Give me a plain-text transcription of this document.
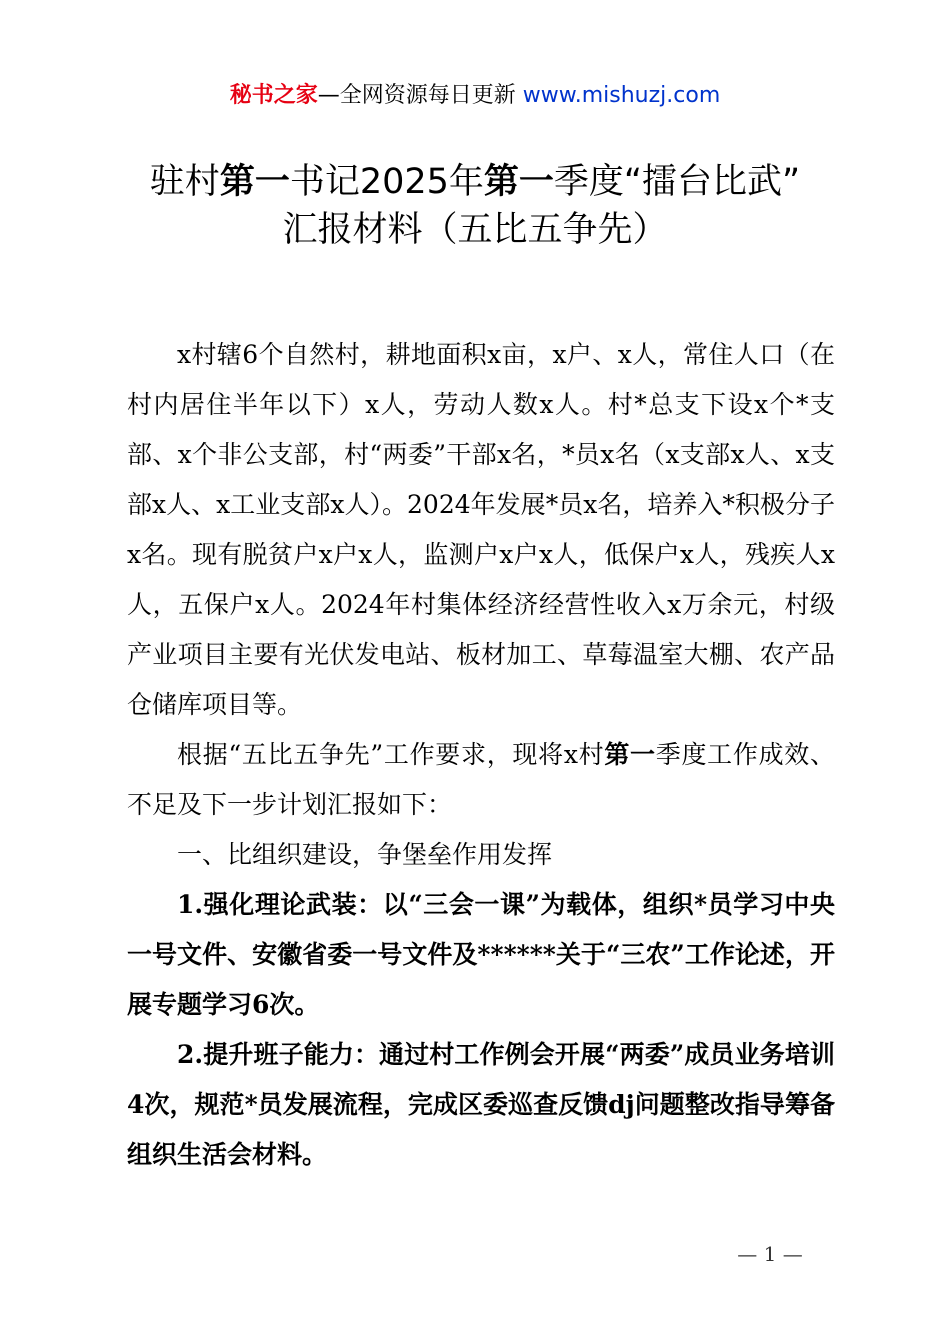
秘书之家—全网资源每日更新 www.mishuzj.com
驻村第一书记2025年第一季度“擂台比武”
汇报材料（五比五争先）

x村辖6个自然村，耕地面积x亩，x户、x人，常住人口（在村内居住半年以下）x人，劳动人数x人。村*总支下设x个*支部、x个非公支部，村“两委”干部x名，*员x名（x支部x人、x支部x人、x工业支部x人）。2024年发展*员x名，培养入*积极分子x名。现有脱贫户x户x人，监测户x户x人，低保户x人，残疾人x人，五保户x人。2024年村集体经济经营性收入x万余元，村级产业项目主要有光伏发电站、板材加工、草莓温室大棚、农产品仓储库项目等。

根据“五比五争先”工作要求，现将x村第一季度工作成效、不足及下一步计划汇报如下：

一、比组织建设，争堡垒作用发挥

1.强化理论武装：以“三会一课”为载体，组织*员学习中央一号文件、安徽省委一号文件及******关于“三农”工作论述，开展专题学习6次。

2.提升班子能力：通过村工作例会开展“两委”成员业务培训4次，规范*员发展流程，完成区委巡查反馈dj问题整改指导筹备组织生活会材料。

— 1 —
